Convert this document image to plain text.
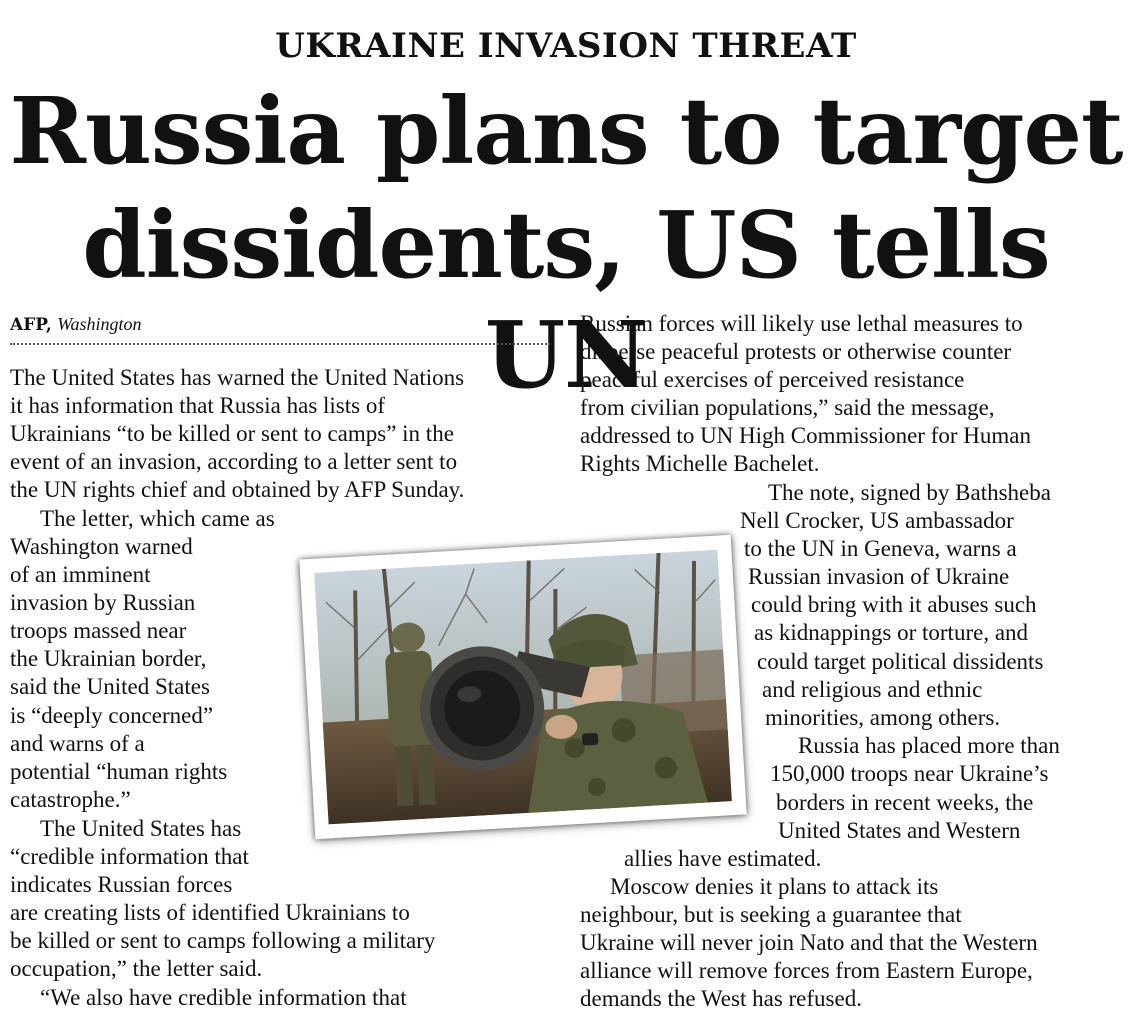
UKRAINE INVASION THREAT
Russia plans to target
dissidents, US tells UN
AFP, Washington
The United States has warned the United Nations
it has information that Russia has lists of
Ukrainians “to be killed or sent to camps” in the
event of an invasion, according to a letter sent to
the UN rights chief and obtained by AFP Sunday.
The letter, which came as
Washington warned
of an imminent
invasion by Russian
troops massed near
the Ukrainian border,
said the United States
is “deeply concerned”
and warns of a
potential “human rights
catastrophe.”
The United States has
“credible information that
indicates Russian forces
are creating lists of identified Ukrainians to
be killed or sent to camps following a military
occupation,” the letter said.
“We also have credible information that
Russian forces will likely use lethal measures to
disperse peaceful protests or otherwise counter
peaceful exercises of perceived resistance
from civilian populations,” said the message,
addressed to UN High Commissioner for Human
Rights Michelle Bachelet.
The note, signed by Bathsheba
Nell Crocker, US ambassador
to the UN in Geneva, warns a
Russian invasion of Ukraine
could bring with it abuses such
as kidnappings or torture, and
could target political dissidents
and religious and ethnic
minorities, among others.
Russia has placed more than
150,000 troops near Ukraine’s
borders in recent weeks, the
United States and Western
allies have estimated.
Moscow denies it plans to attack its
neighbour, but is seeking a guarantee that
Ukraine will never join Nato and that the Western
alliance will remove forces from Eastern Europe,
demands the West has refused.
